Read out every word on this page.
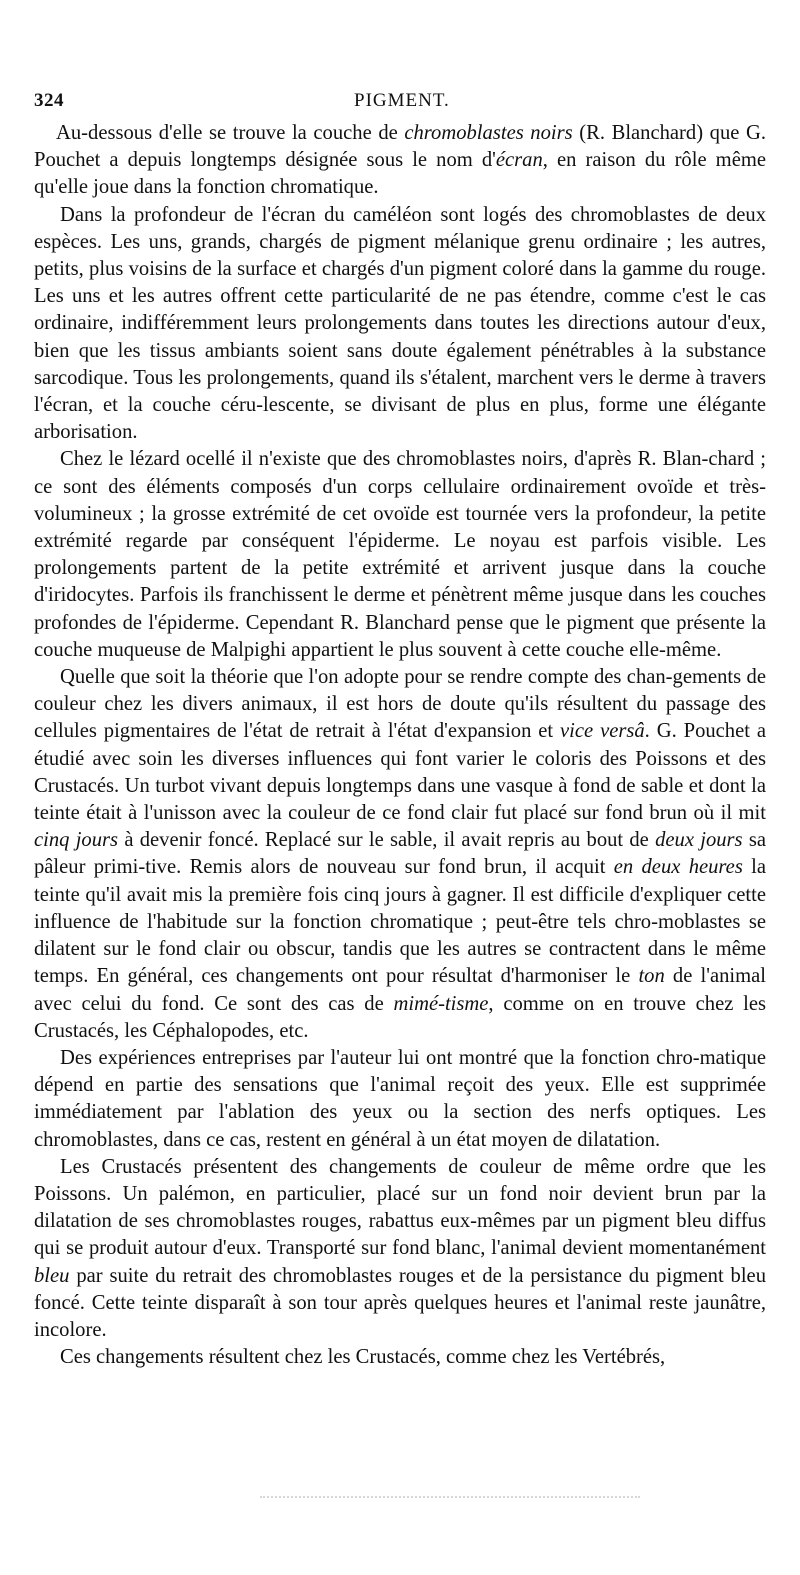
324	PIGMENT.

Au-dessous d'elle se trouve la couche de chromoblastes noirs (R. Blanchard) que G. Pouchet a depuis longtemps désignée sous le nom d'écran, en raison du rôle même qu'elle joue dans la fonction chromatique.

Dans la profondeur de l'écran du caméléon sont logés des chromoblastes de deux espèces. Les uns, grands, chargés de pigment mélanique grenu ordinaire ; les autres, petits, plus voisins de la surface et chargés d'un pigment coloré dans la gamme du rouge. Les uns et les autres offrent cette particularité de ne pas étendre, comme c'est le cas ordinaire, indifféremment leurs prolongements dans toutes les directions autour d'eux, bien que les tissus ambiants soient sans doute également pénétrables à la substance sarcodique. Tous les prolongements, quand ils s'étalent, marchent vers le derme à travers l'écran, et la couche céru-lescente, se divisant de plus en plus, forme une élégante arborisation.

Chez le lézard ocellé il n'existe que des chromoblastes noirs, d'après R. Blan-chard ; ce sont des éléments composés d'un corps cellulaire ordinairement ovoïde et très-volumineux ; la grosse extrémité de cet ovoïde est tournée vers la profondeur, la petite extrémité regarde par conséquent l'épiderme. Le noyau est parfois visible. Les prolongements partent de la petite extrémité et arrivent jusque dans la couche d'iridocytes. Parfois ils franchissent le derme et pénètrent même jusque dans les couches profondes de l'épiderme. Cependant R. Blanchard pense que le pigment que présente la couche muqueuse de Malpighi appartient le plus souvent à cette couche elle-même.

Quelle que soit la théorie que l'on adopte pour se rendre compte des chan-gements de couleur chez les divers animaux, il est hors de doute qu'ils résultent du passage des cellules pigmentaires de l'état de retrait à l'état d'expansion et vice versâ. G. Pouchet a étudié avec soin les diverses influences qui font varier le coloris des Poissons et des Crustacés. Un turbot vivant depuis longtemps dans une vasque à fond de sable et dont la teinte était à l'unisson avec la couleur de ce fond clair fut placé sur fond brun où il mit cinq jours à devenir foncé. Replacé sur le sable, il avait repris au bout de deux jours sa pâleur primi-tive. Remis alors de nouveau sur fond brun, il acquit en deux heures la teinte qu'il avait mis la première fois cinq jours à gagner. Il est difficile d'expliquer cette influence de l'habitude sur la fonction chromatique ; peut-être tels chro-moblastes se dilatent sur le fond clair ou obscur, tandis que les autres se contractent dans le même temps. En général, ces changements ont pour résultat d'harmoniser le ton de l'animal avec celui du fond. Ce sont des cas de mimé-tisme, comme on en trouve chez les Crustacés, les Céphalopodes, etc.

Des expériences entreprises par l'auteur lui ont montré que la fonction chro-matique dépend en partie des sensations que l'animal reçoit des yeux. Elle est supprimée immédiatement par l'ablation des yeux ou la section des nerfs optiques. Les chromoblastes, dans ce cas, restent en général à un état moyen de dilatation.

Les Crustacés présentent des changements de couleur de même ordre que les Poissons. Un palémon, en particulier, placé sur un fond noir devient brun par la dilatation de ses chromoblastes rouges, rabattus eux-mêmes par un pigment bleu diffus qui se produit autour d'eux. Transporté sur fond blanc, l'animal devient momentanément bleu par suite du retrait des chromoblastes rouges et de la persistance du pigment bleu foncé. Cette teinte disparaît à son tour après quelques heures et l'animal reste jaunâtre, incolore.

Ces changements résultent chez les Crustacés, comme chez les Vertébrés,
